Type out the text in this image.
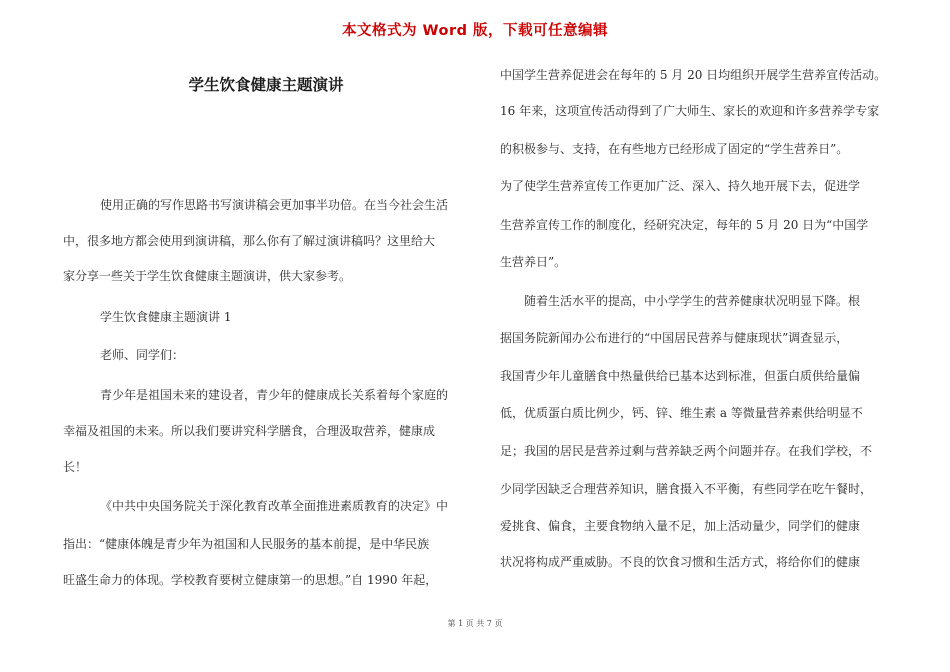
本文格式为 Word 版，下载可任意编辑
学生饮食健康主题演讲
使用正确的写作思路书写演讲稿会更加事半功倍。在当今社会生活
中，很多地方都会使用到演讲稿，那么你有了解过演讲稿吗？这里给大
家分享一些关于学生饮食健康主题演讲，供大家参考。
学生饮食健康主题演讲 1
老师、同学们：
青少年是祖国未来的建设者，青少年的健康成长关系着每个家庭的
幸福及祖国的未来。所以我们要讲究科学膳食，合理汲取营养，健康成
长！
《中共中央国务院关于深化教育改革全面推进素质教育的决定》中
指出：“健康体魄是青少年为祖国和人民服务的基本前提，是中华民族
旺盛生命力的体现。学校教育要树立健康第一的思想。”自 1990 年起，
中国学生营养促进会在每年的 5 月 20 日均组织开展学生营养宣传活动。
16 年来，这项宣传活动得到了广大师生、家长的欢迎和许多营养学专家
的积极参与、支持，在有些地方已经形成了固定的“学生营养日”。
为了使学生营养宣传工作更加广泛、深入、持久地开展下去，促进学
生营养宣传工作的制度化，经研究决定，每年的 5 月 20 日为“中国学
生营养日”。
随着生活水平的提高，中小学学生的营养健康状况明显下降。根
据国务院新闻办公布进行的“中国居民营养与健康现状”调查显示，
我国青少年儿童膳食中热量供给已基本达到标准，但蛋白质供给量偏
低，优质蛋白质比例少，钙、锌、维生素 a 等微量营养素供给明显不
足；我国的居民是营养过剩与营养缺乏两个问题并存。在我们学校，不
少同学因缺乏合理营养知识，膳食摄入不平衡，有些同学在吃午餐时，
爱挑食、偏食，主要食物纳入量不足，加上活动量少，同学们的健康
状况将构成严重威胁。不良的饮食习惯和生活方式，将给你们的健康
第 1 页 共 7 页
